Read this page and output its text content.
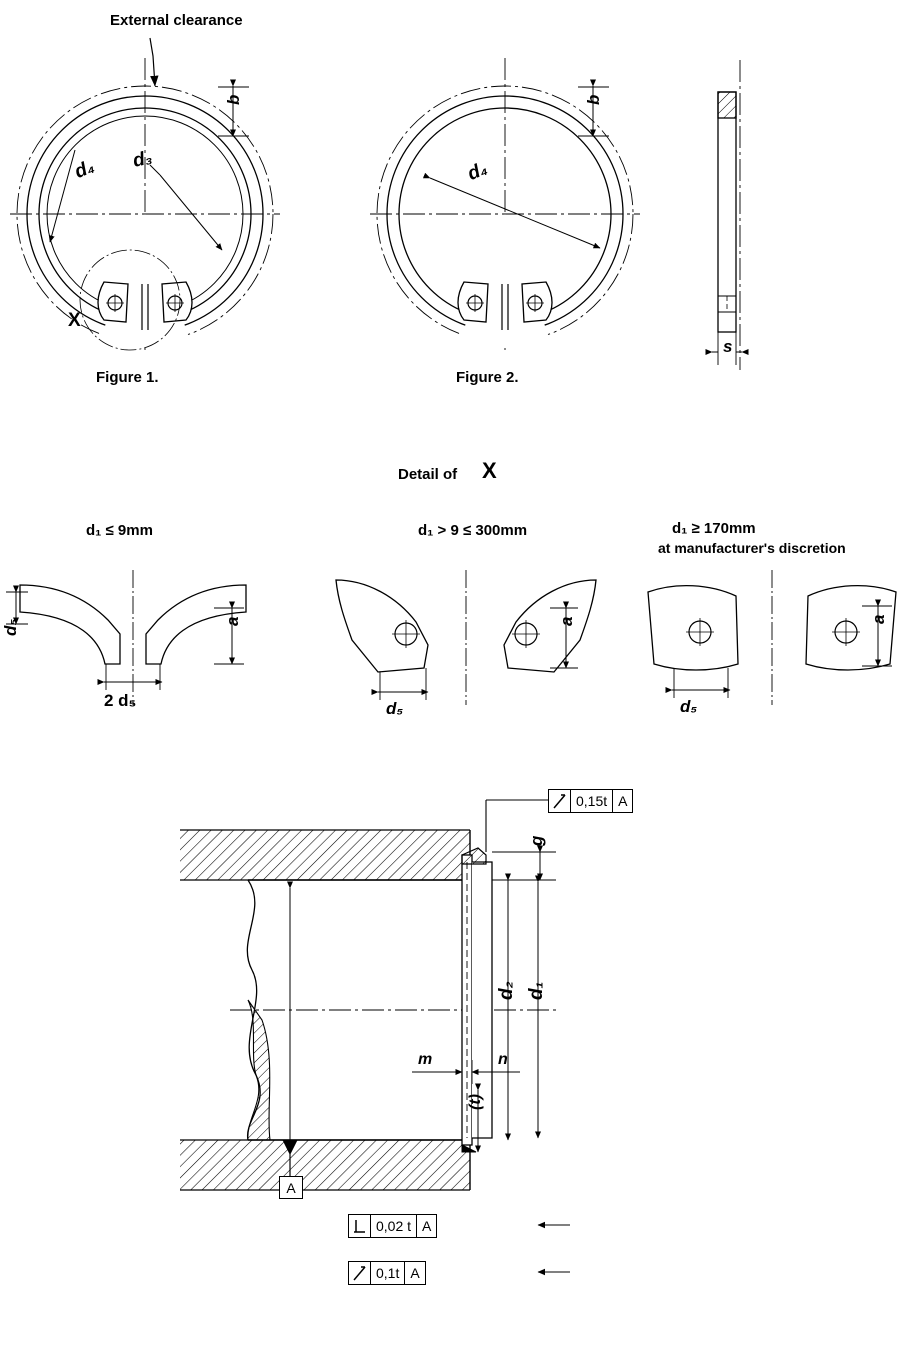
External clearance
b
d₄ d₃
X
Figure 1.
b
d₄
Figure 2.
s
Detail of X
d₁ ≤ 9mm	d₁ > 9 ≤ 300mm	d₁ ≥ 170mm
at manufacturer's discretion
d₅	a
2 d₅
a
d₅
a
d₅
g
d₂ d₁
m	n
(t)
A
0,15t A
0,02 t A
0,1t A
